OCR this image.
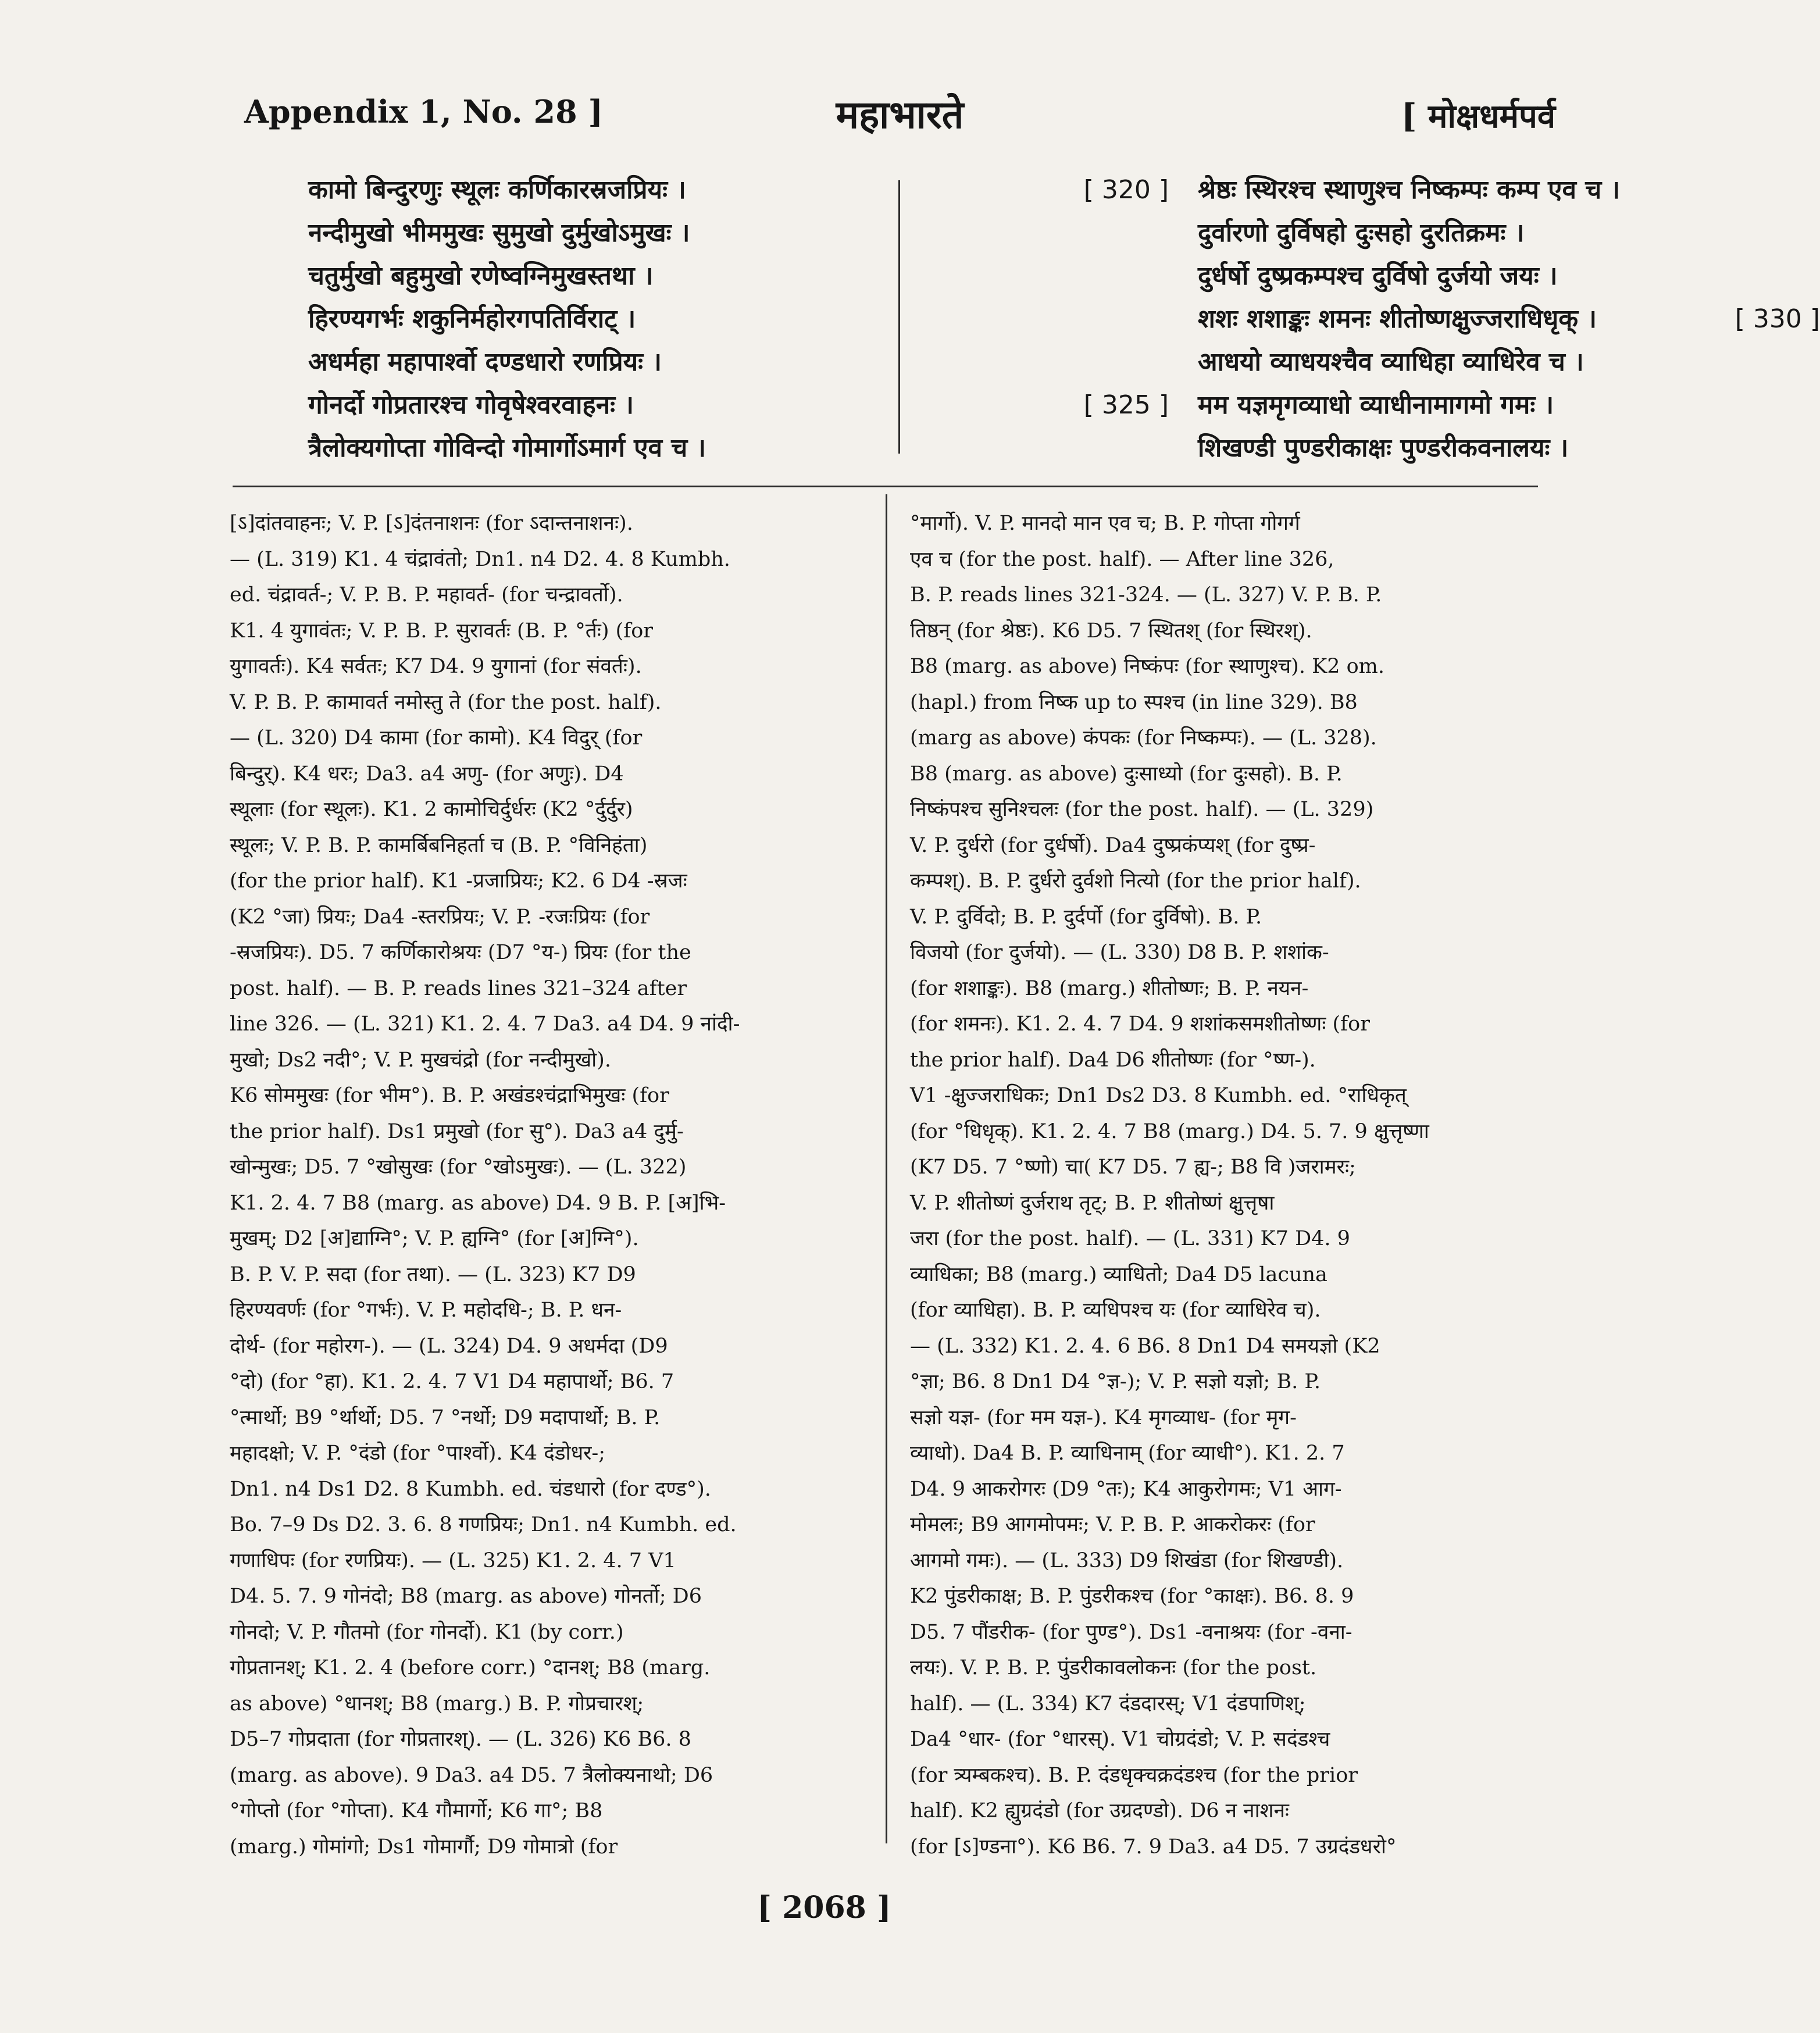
Appendix 1, No. 28 ]	महाभारते	[ मोक्षधर्मपर्व
कामो बिन्दुरणुः स्थूलः कर्णिकारस्रजप्रियः ।	[ 320 ]
नन्दीमुखो भीममुखः सुमुखो दुर्मुखोऽमुखः ।
चतुर्मुखो बहुमुखो रणेष्वग्निमुखस्तथा ।
हिरण्यगर्भः शकुनिर्महोरगपतिर्विराट् ।
अधर्महा महापार्श्वो दण्डधारो रणप्रियः ।
गोनर्दो गोप्रतारश्च गोवृषेश्वरवाहनः ।	[ 325 ]
त्रैलोक्यगोप्ता गोविन्दो गोमार्गोऽमार्ग एव च ।
श्रेष्ठः स्थिरश्च स्थाणुश्च निष्कम्पः कम्प एव च ।
दुर्वारणो दुर्विषहो दुःसहो दुरतिक्रमः ।
दुर्धर्षो दुष्प्रकम्पश्च दुर्विषो दुर्जयो जयः ।
शशः शशाङ्कः शमनः शीतोष्णक्षुज्जराधिधृक् ।	[ 330 ]
आधयो व्याधयश्चैव व्याधिहा व्याधिरेव च ।
मम यज्ञमृगव्याधो व्याधीनामागमो गमः ।
शिखण्डी पुण्डरीकाक्षः पुण्डरीकवनालयः ।
[ऽ]दांतवाहनः; V. P. [ऽ]दंतनाशनः (for ऽदान्तनाशनः).
— (L. 319) K1. 4 चंद्रावंतो; Dn1. n4 D2. 4. 8 Kumbh.
ed. चंद्रावर्त-; V. P. B. P. महावर्त- (for चन्द्रावर्तो).
K1. 4 युगावंतः; V. P. B. P. सुरावर्तः (B. P. °र्तः) (for
युगावर्तः). K4 सर्वतः; K7 D4. 9 युगानां (for संवर्तः).
V. P. B. P. कामावर्त नमोस्तु ते (for the post. half).
— (L. 320) D4 कामा (for कामो). K4 विदुर् (for
बिन्दुर्). K4 धरः; Da3. a4 अणु- (for अणुः). D4
स्थूलाः (for स्थूलः). K1. 2 कामोचिर्दुर्धरः (K2 °र्दुर्दुर)
स्थूलः; V. P. B. P. कामर्बिबनिहर्ता च (B. P. °विनिहंता)
(for the prior half). K1 -प्रजाप्रियः; K2. 6 D4 -स्रजः
(K2 °जा) प्रियः; Da4 -स्तरप्रियः; V. P. -रजःप्रियः (for
-स्रजप्रियः). D5. 7 कर्णिकारोश्रयः (D7 °य-) प्रियः (for the
post. half). — B. P. reads lines 321–324 after
line 326. — (L. 321) K1. 2. 4. 7 Da3. a4 D4. 9 नांदी-
मुखो; Ds2 नदी°; V. P. मुखचंद्रो (for नन्दीमुखो).
K6 सोममुखः (for भीम°). B. P. अखंडश्चंद्राभिमुखः (for
the prior half). Ds1 प्रमुखो (for सु°). Da3 a4 दुर्मु-
खोन्मुखः; D5. 7 °खोसुखः (for °खोऽमुखः). — (L. 322)
K1. 2. 4. 7 B8 (marg. as above) D4. 9 B. P. [अ]भि-
मुखम्; D2 [अ]द्याग्नि°; V. P. ह्यग्नि° (for [अ]ग्नि°).
B. P. V. P. सदा (for तथा). — (L. 323) K7 D9
हिरण्यवर्णः (for °गर्भः). V. P. महोदधि-; B. P. धन-
दोर्थ- (for महोरग-). — (L. 324) D4. 9 अधर्मदा (D9
°दो) (for °हा). K1. 2. 4. 7 V1 D4 महापार्थो; B6. 7
°त्मार्थो; B9 °र्थार्थो; D5. 7 °नर्थो; D9 मदापार्थो; B. P.
महादक्षो; V. P. °दंडो (for °पार्श्वो). K4 दंडोधर-;
Dn1. n4 Ds1 D2. 8 Kumbh. ed. चंडधारो (for दण्ड°).
Bo. 7–9 Ds D2. 3. 6. 8 गणप्रियः; Dn1. n4 Kumbh. ed.
गणाधिपः (for रणप्रियः). — (L. 325) K1. 2. 4. 7 V1
D4. 5. 7. 9 गोनंदो; B8 (marg. as above) गोनर्तो; D6
गोनदो; V. P. गौतमो (for गोनर्दो). K1 (by corr.)
गोप्रतानश्; K1. 2. 4 (before corr.) °दानश्; B8 (marg.
as above) °धानश्; B8 (marg.) B. P. गोप्रचारश्;
D5–7 गोप्रदाता (for गोप्रतारश्). — (L. 326) K6 B6. 8
(marg. as above). 9 Da3. a4 D5. 7 त्रैलोक्यनाथो; D6
°गोप्तो (for °गोप्ता). K4 गौमार्गो; K6 गा°; B8
(marg.) गोमांगो; Ds1 गोमार्गौ; D9 गोमात्रो (for
°मार्गो). V. P. मानदो मान एव च; B. P. गोप्ता गोगर्ग
एव च (for the post. half). — After line 326,
B. P. reads lines 321-324. — (L. 327) V. P. B. P.
तिष्ठन् (for श्रेष्ठः). K6 D5. 7 स्थितश् (for स्थिरश्).
B8 (marg. as above) निष्कंपः (for स्थाणुश्च). K2 om.
(hapl.) from निष्क up to स्पश्च (in line 329). B8
(marg as above) कंपकः (for निष्कम्पः). — (L. 328).
B8 (marg. as above) दुःसाध्यो (for दुःसहो). B. P.
निष्कंपश्च सुनिश्चलः (for the post. half). — (L. 329)
V. P. दुर्धरो (for दुर्धर्षो). Da4 दुष्प्रकंप्यश् (for दुष्प्र-
कम्पश्). B. P. दुर्धरो दुर्वशो नित्यो (for the prior half).
V. P. दुर्विदो; B. P. दुर्दर्पो (for दुर्विषो). B. P.
विजयो (for दुर्जयो). — (L. 330) D8 B. P. शशांक-
(for शशाङ्कः). B8 (marg.) शीतोष्णः; B. P. नयन-
(for शमनः). K1. 2. 4. 7 D4. 9 शशांकसमशीतोष्णः (for
the prior half). Da4 D6 शीतोष्णः (for °ष्ण-).
V1 -क्षुज्जराधिकः; Dn1 Ds2 D3. 8 Kumbh. ed. °राधिकृत्
(for °धिधृक्). K1. 2. 4. 7 B8 (marg.) D4. 5. 7. 9 क्षुत्तृष्णा
(K7 D5. 7 °ष्णो) चा( K7 D5. 7 ह्य-; B8 वि )जरामरः;
V. P. शीतोष्णं दुर्जराथ तृट्; B. P. शीतोष्णं क्षुत्तृषा
जरा (for the post. half). — (L. 331) K7 D4. 9
व्याधिका; B8 (marg.) व्याधितो; Da4 D5 lacuna
(for व्याधिहा). B. P. व्यधिपश्च यः (for व्याधिरेव च).
— (L. 332) K1. 2. 4. 6 B6. 8 Dn1 D4 समयज्ञो (K2
°ज्ञा; B6. 8 Dn1 D4 °ज्ञ-); V. P. सज्ञो यज्ञो; B. P.
सज्ञो यज्ञ- (for मम यज्ञ-). K4 मृगव्याध- (for मृग-
व्याधो). Da4 B. P. व्याधिनाम् (for व्याधी°). K1. 2. 7
D4. 9 आकरोगरः (D9 °तः); K4 आकुरोगमः; V1 आग-
मोमलः; B9 आगमोपमः; V. P. B. P. आकरोकरः (for
आगमो गमः). — (L. 333) D9 शिखंडा (for शिखण्डी).
K2 पुंडरीकाक्ष; B. P. पुंडरीकश्च (for °काक्षः). B6. 8. 9
D5. 7 पौंडरीक- (for पुण्ड°). Ds1 -वनाश्रयः (for -वना-
लयः). V. P. B. P. पुंडरीकावलोकनः (for the post.
half). — (L. 334) K7 दंडदारस्; V1 दंडपाणिश्;
Da4 °धार- (for °धारस्). V1 चोग्रदंडो; V. P. सदंडश्च
(for त्र्यम्बकश्च). B. P. दंडधृक्चक्रदंडश्च (for the prior
half). K2 ह्युग्रदंडो (for उग्रदण्डो). D6 न नाशनः
(for [ऽ]ण्डना°). K6 B6. 7. 9 Da3. a4 D5. 7 उग्रदंडधरो°
[ 2068 ]
